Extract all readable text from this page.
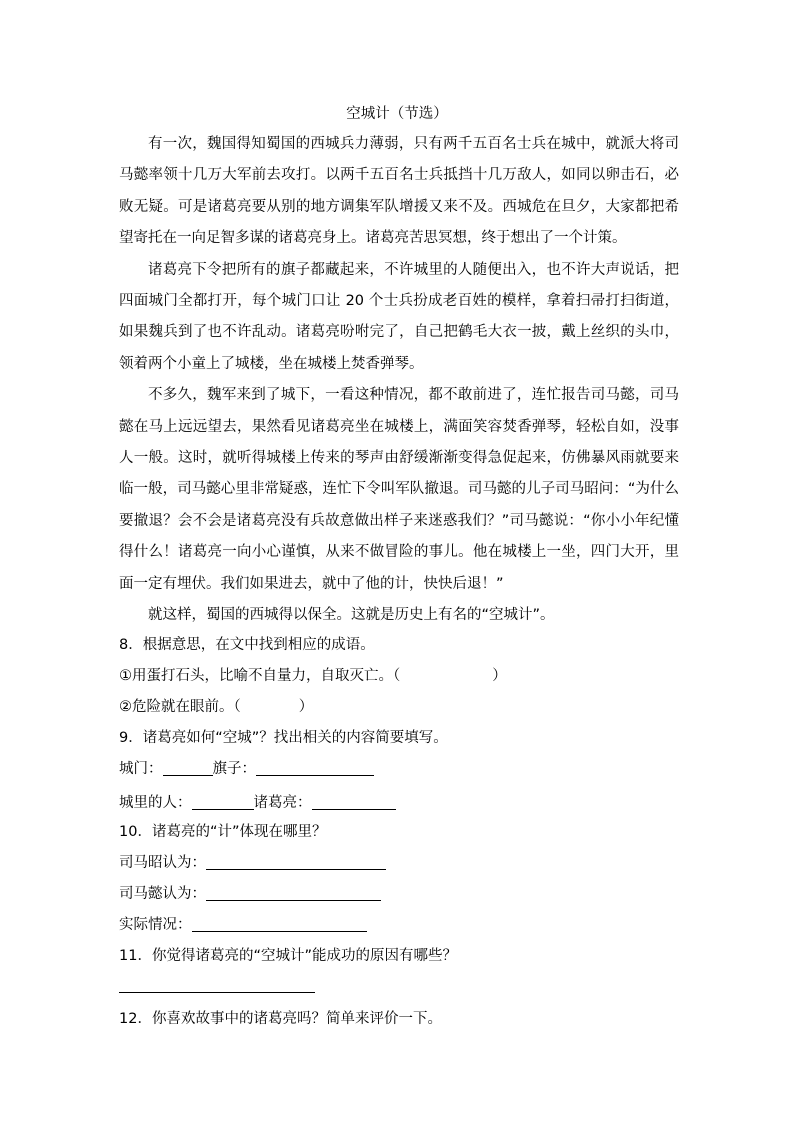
空城计（节选）

有一次，魏国得知蜀国的西城兵力薄弱，只有两千五百名士兵在城中，就派大将司马懿率领十几万大军前去攻打。以两千五百名士兵抵挡十几万敌人，如同以卵击石，必败无疑。可是诸葛亮要从别的地方调集军队增援又来不及。西城危在旦夕，大家都把希望寄托在一向足智多谋的诸葛亮身上。诸葛亮苦思冥想，终于想出了一个计策。

诸葛亮下令把所有的旗子都藏起来，不许城里的人随便出入，也不许大声说话，把四面城门全都打开，每个城门口让 20 个士兵扮成老百姓的模样，拿着扫帚打扫街道，如果魏兵到了也不许乱动。诸葛亮吩咐完了，自己把鹤毛大衣一披，戴上丝织的头巾，领着两个小童上了城楼，坐在城楼上焚香弹琴。

不多久，魏军来到了城下，一看这种情况，都不敢前进了，连忙报告司马懿，司马懿在马上远远望去，果然看见诸葛亮坐在城楼上，满面笑容焚香弹琴，轻松自如，没事人一般。这时，就听得城楼上传来的琴声由舒缓渐渐变得急促起来，仿佛暴风雨就要来临一般，司马懿心里非常疑惑，连忙下令叫军队撤退。司马懿的儿子司马昭问：“为什么要撤退？会不会是诸葛亮没有兵故意做出样子来迷惑我们？”司马懿说：“你小小年纪懂得什么！诸葛亮一向小心谨慎，从来不做冒险的事儿。他在城楼上一坐，四门大开，里面一定有埋伏。我们如果进去，就中了他的计，快快后退！”

就这样，蜀国的西城得以保全。这就是历史上有名的“空城计”。

8．根据意思，在文中找到相应的成语。
①用蛋打石头，比喻不自量力，自取灭亡。（	）
②危险就在眼前。（	）
9．诸葛亮如何“空城”？找出相关的内容简要填写。
城门：	旗子：
城里的人：	诸葛亮：
10．诸葛亮的“计”体现在哪里？
司马昭认为：
司马懿认为：
实际情况：
11．你觉得诸葛亮的“空城计”能成功的原因有哪些？
12．你喜欢故事中的诸葛亮吗？简单来评价一下。
